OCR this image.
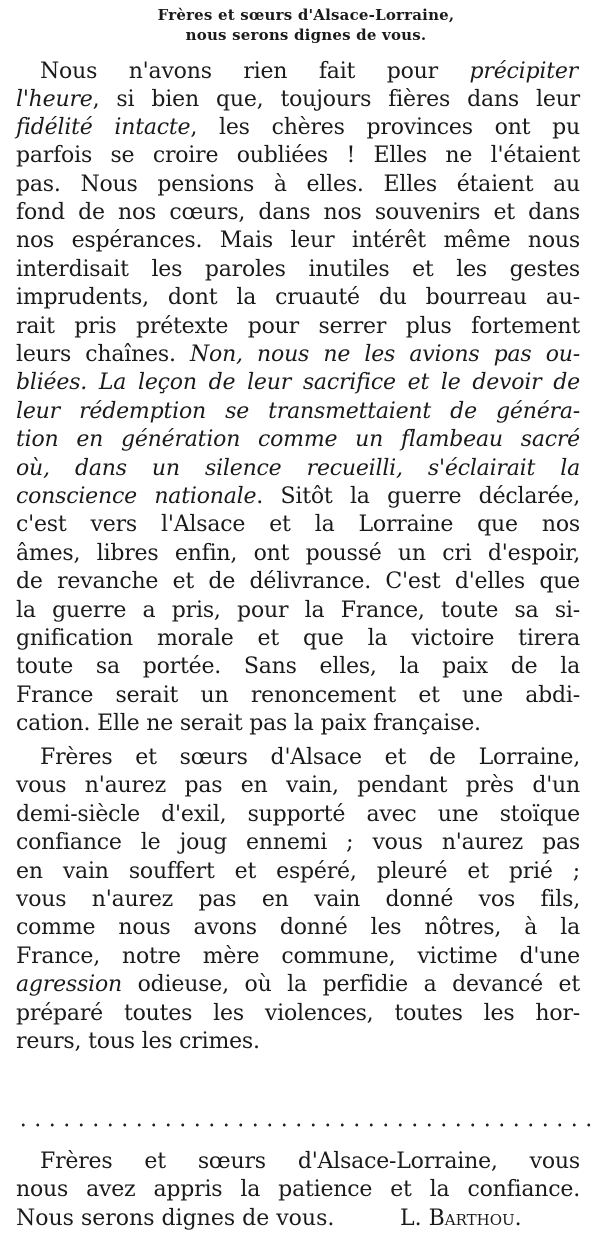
Frères et sœurs d'Alsace-Lorraine,
nous serons dignes de vous.
Nous n'avons rien fait pour précipiter
l'heure, si bien que, toujours fières dans leur
fidélité intacte, les chères provinces ont pu
parfois se croire oubliées ! Elles ne l'étaient
pas. Nous pensions à elles. Elles étaient au
fond de nos cœurs, dans nos souvenirs et dans
nos espérances. Mais leur intérêt même nous
interdisait les paroles inutiles et les gestes
imprudents, dont la cruauté du bourreau au-
rait pris prétexte pour serrer plus fortement
leurs chaînes. Non, nous ne les avions pas ou-
bliées. La leçon de leur sacrifice et le devoir de
leur rédemption se transmettaient de généra-
tion en génération comme un flambeau sacré
où, dans un silence recueilli, s'éclairait la
conscience nationale. Sitôt la guerre déclarée,
c'est vers l'Alsace et la Lorraine que nos
âmes, libres enfin, ont poussé un cri d'espoir,
de revanche et de délivrance. C'est d'elles que
la guerre a pris, pour la France, toute sa si-
gnification morale et que la victoire tirera
toute sa portée. Sans elles, la paix de la
France serait un renoncement et une abdi-
cation. Elle ne serait pas la paix française.
Frères et sœurs d'Alsace et de Lorraine,
vous n'aurez pas en vain, pendant près d'un
demi-siècle d'exil, supporté avec une stoïque
confiance le joug ennemi ; vous n'aurez pas
en vain souffert et espéré, pleuré et prié ;
vous n'aurez pas en vain donné vos fils,
comme nous avons donné les nôtres, à la
France, notre mère commune, victime d'une
agression odieuse, où la perfidie a devancé et
préparé toutes les violences, toutes les hor-
reurs, tous les crimes.
Frères et sœurs d'Alsace-Lorraine, vous
nous avez appris la patience et la confiance.
Nous serons dignes de vous.	L. Barthou.
